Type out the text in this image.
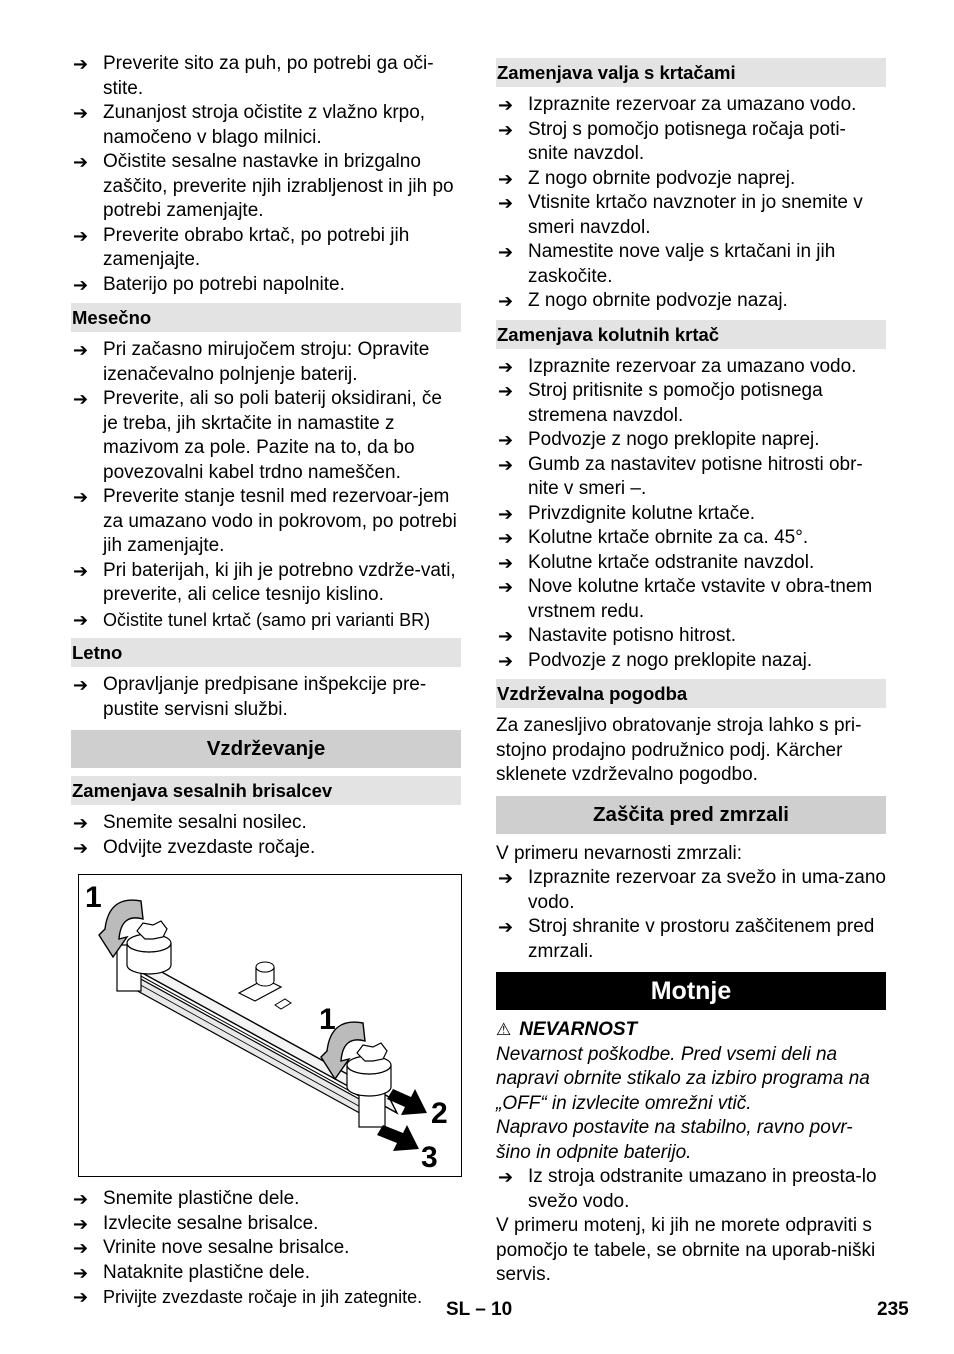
➔ Preverite sito za puh, po potrebi ga oči-stite.
➔ Zunanjost stroja očistite z vlažno krpo, namočeno v blago milnici.
➔ Očistite sesalne nastavke in brizgalno zaščito, preverite njih izrabljenost in jih po potrebi zamenjajte.
➔ Preverite obrabo krtač, po potrebi jih zamenjajte.
➔ Baterijo po potrebi napolnite.
Mesečno
➔ Pri začasno mirujočem stroju: Opravite izenačevalno polnjenje baterij.
➔ Preverite, ali so poli baterij oksidirani, če je treba, jih skrtačite in namastite z mazivom za pole. Pazite na to, da bo povezovalni kabel trdno nameščen.
➔ Preverite stanje tesnil med rezervoar-jem za umazano vodo in pokrovom, po potrebi jih zamenjajte.
➔ Pri baterijah, ki jih je potrebno vzdrže-vati, preverite, ali celice tesnijo kislino.
➔ Očistite tunel krtač (samo pri varianti BR)
Letno
➔ Opravljanje predpisane inšpekcije pre-pustite servisni službi.
Vzdrževanje
Zamenjava sesalnih brisalcev
➔ Snemite sesalni nosilec.
➔ Odvijte zvezdaste ročaje.
1
1
2
3
➔ Snemite plastične dele.
➔ Izvlecite sesalne brisalce.
➔ Vrinite nove sesalne brisalce.
➔ Nataknite plastične dele.
➔ Privijte zvezdaste ročaje in jih zategnite.
Zamenjava valja s krtačami
➔ Izpraznite rezervoar za umazano vodo.
➔ Stroj s pomočjo potisnega ročaja poti-snite navzdol.
➔ Z nogo obrnite podvozje naprej.
➔ Vtisnite krtačo navznoter in jo snemite v smeri navzdol.
➔ Namestite nove valje s krtačani in jih zaskočite.
➔ Z nogo obrnite podvozje nazaj.
Zamenjava kolutnih krtač
➔ Izpraznite rezervoar za umazano vodo.
➔ Stroj pritisnite s pomočjo potisnega stremena navzdol.
➔ Podvozje z nogo preklopite naprej.
➔ Gumb za nastavitev potisne hitrosti obr-nite v smeri –.
➔ Privzdignite kolutne krtače.
➔ Kolutne krtače obrnite za ca. 45°.
➔ Kolutne krtače odstranite navzdol.
➔ Nove kolutne krtače vstavite v obra-tnem vrstnem redu.
➔ Nastavite potisno hitrost.
➔ Podvozje z nogo preklopite nazaj.
Vzdrževalna pogodba

Za zanesljivo obratovanje stroja lahko s pri-stojno prodajno podružnico podj. Kärcher sklenete vzdrževalno pogodbo.

Zaščita pred zmrzali

V primeru nevarnosti zmrzali:

➔ Izpraznite rezervoar za svežo in uma-zano vodo.
➔ Stroj shranite v prostoru zaščitenem pred zmrzali.
Motnje
⚠ NEVARNOST

Nevarnost poškodbe. Pred vsemi deli na napravi obrnite stikalo za izbiro programa na „OFF“ in izvlecite omrežni vtič.

Napravo postavite na stabilno, ravno povr-šino in odpnite baterijo.

➔ Iz stroja odstranite umazano in preosta-lo svežo vodo.

V primeru motenj, ki jih ne morete odpraviti s pomočjo te tabele, se obrnite na uporab-niški servis.

SL – 10	235
